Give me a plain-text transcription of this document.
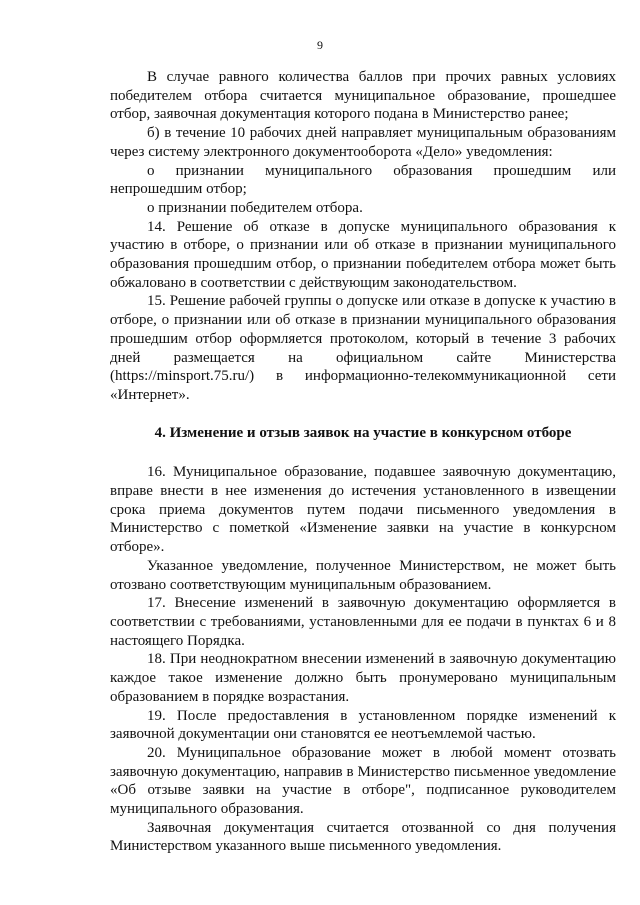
9

В случае равного количества баллов при прочих равных условиях победителем отбора считается муниципальное образование, прошедшее отбор, заявочная документация которого подана в Министерство ранее;

б) в течение 10 рабочих дней направляет муниципальным образованиям через систему электронного документооборота «Дело» уведомления:

о признании муниципального образования прошедшим или непрошедшим отбор;

о признании победителем отбора.

14. Решение об отказе в допуске муниципального образования к участию в отборе, о признании или об отказе в признании муниципального образования прошедшим отбор, о признании победителем отбора может быть обжаловано в соответствии с действующим законодательством.

15. Решение рабочей группы о допуске или отказе в допуске к участию в отборе, о признании или об отказе в признании муниципального образования прошедшим отбор оформляется протоколом, который в течение 3 рабочих дней размещается на официальном сайте Министерства (https://minsport.75.ru/) в информационно-телекоммуникационной сети «Интернет».

4. Изменение и отзыв заявок на участие в конкурсном отборе

16. Муниципальное образование, подавшее заявочную документацию, вправе внести в нее изменения до истечения установленного в извещении срока приема документов путем подачи письменного уведомления в Министерство с пометкой «Изменение заявки на участие в конкурсном отборе».

Указанное уведомление, полученное Министерством, не может быть отозвано соответствующим муниципальным образованием.

17. Внесение изменений в заявочную документацию оформляется в соответствии с требованиями, установленными для ее подачи в пунктах 6 и 8 настоящего Порядка.

18. При неоднократном внесении изменений в заявочную документацию каждое такое изменение должно быть пронумеровано муниципальным образованием в порядке возрастания.

19. После предоставления в установленном порядке изменений к заявочной документации они становятся ее неотъемлемой частью.

20. Муниципальное образование может в любой момент отозвать заявочную документацию, направив в Министерство письменное уведомление «Об отзыве заявки на участие в отборе", подписанное руководителем муниципального образования.

Заявочная документация считается отозванной со дня получения Министерством указанного выше письменного уведомления.
